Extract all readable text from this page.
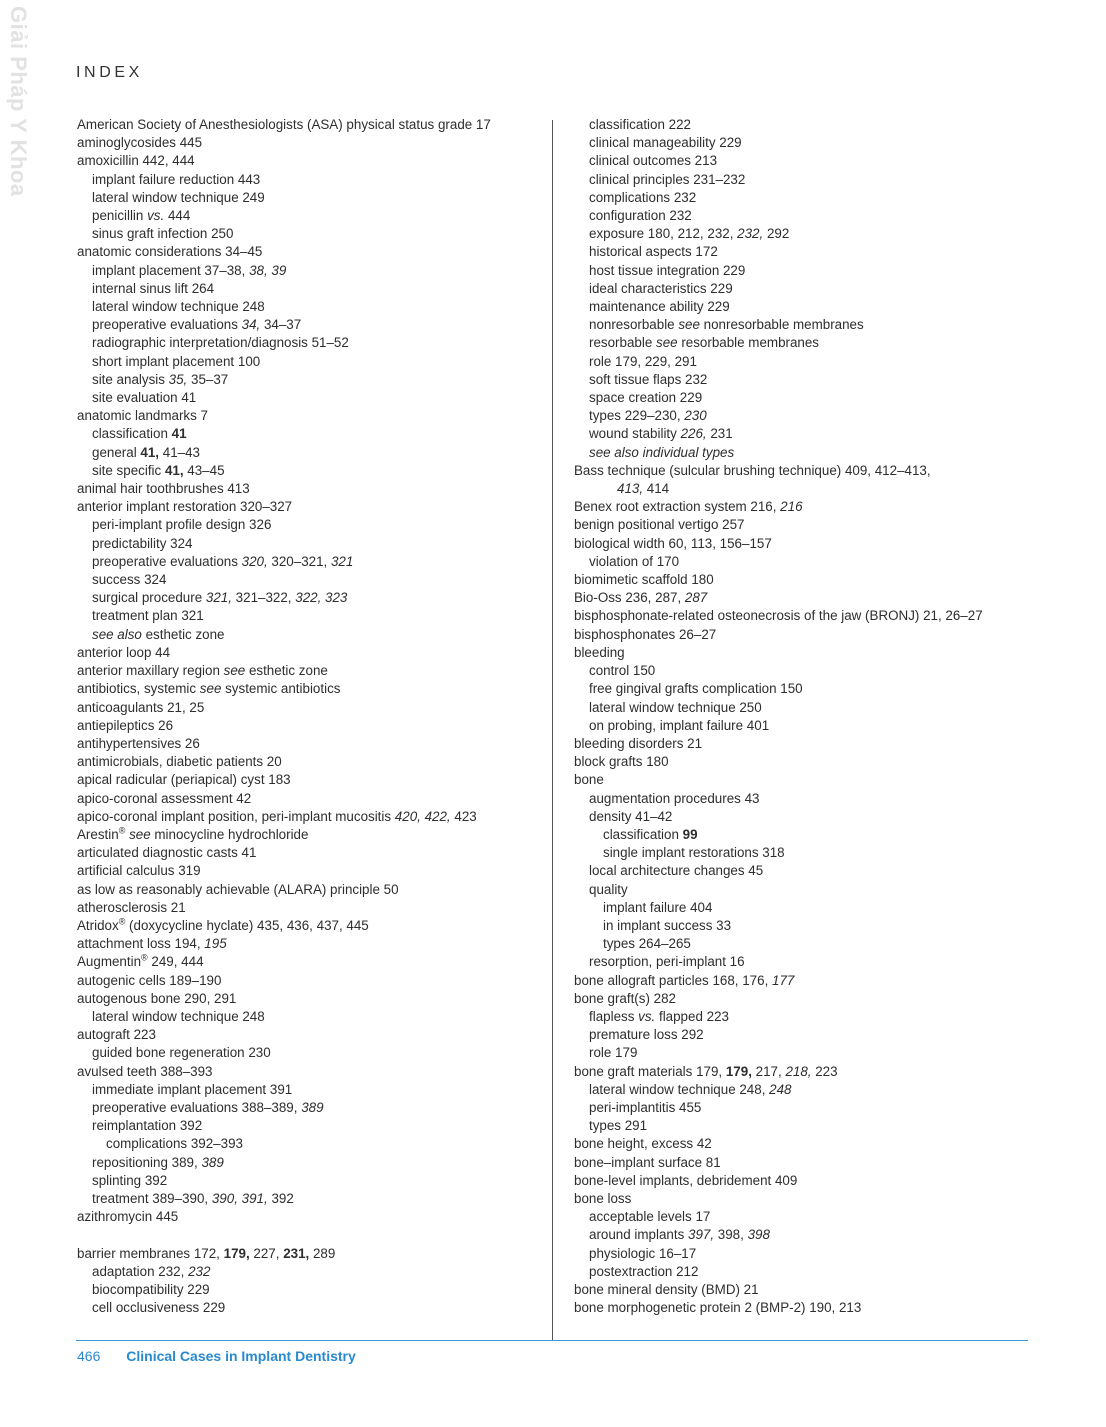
Giải Pháp Y Khoa	INDEX
American Society of Anesthesiologists (ASA) physical status grade 17
aminoglycosides 445
amoxicillin 442, 444
implant failure reduction 443
lateral window technique 249
penicillin vs. 444
sinus graft infection 250
anatomic considerations 34–45
implant placement 37–38, 38, 39
internal sinus lift 264
lateral window technique 248
preoperative evaluations 34, 34–37
radiographic interpretation/diagnosis 51–52
short implant placement 100
site analysis 35, 35–37
site evaluation 41
anatomic landmarks 7
classification 41
general 41, 41–43
site specific 41, 43–45
animal hair toothbrushes 413
anterior implant restoration 320–327
peri-implant profile design 326
predictability 324
preoperative evaluations 320, 320–321, 321
success 324
surgical procedure 321, 321–322, 322, 323
treatment plan 321
see also esthetic zone
anterior loop 44
anterior maxillary region see esthetic zone
antibiotics, systemic see systemic antibiotics
anticoagulants 21, 25
antiepileptics 26
antihypertensives 26
antimicrobials, diabetic patients 20
apical radicular (periapical) cyst 183
apico-coronal assessment 42
apico-coronal implant position, peri-implant mucositis 420, 422, 423
Arestin® see minocycline hydrochloride
articulated diagnostic casts 41
artificial calculus 319
as low as reasonably achievable (ALARA) principle 50
atherosclerosis 21
Atridox® (doxycycline hyclate) 435, 436, 437, 445
attachment loss 194, 195
Augmentin® 249, 444
autogenic cells 189–190
autogenous bone 290, 291
lateral window technique 248
autograft 223
guided bone regeneration 230
avulsed teeth 388–393
immediate implant placement 391
preoperative evaluations 388–389, 389
reimplantation 392
complications 392–393
repositioning 389, 389
splinting 392
treatment 389–390, 390, 391, 392
azithromycin 445
barrier membranes 172, 179, 227, 231, 289
adaptation 232, 232
biocompatibility 229
cell occlusiveness 229
classification 222
clinical manageability 229
clinical outcomes 213
clinical principles 231–232
complications 232
configuration 232
exposure 180, 212, 232, 232, 292
historical aspects 172
host tissue integration 229
ideal characteristics 229
maintenance ability 229
nonresorbable see nonresorbable membranes
resorbable see resorbable membranes
role 179, 229, 291
soft tissue flaps 232
space creation 229
types 229–230, 230
wound stability 226, 231
see also individual types
Bass technique (sulcular brushing technique) 409, 412–413,
413, 414
Benex root extraction system 216, 216
benign positional vertigo 257
biological width 60, 113, 156–157
violation of 170
biomimetic scaffold 180
Bio-Oss 236, 287, 287
bisphosphonate-related osteonecrosis of the jaw (BRONJ) 21, 26–27
bisphosphonates 26–27
bleeding
control 150
free gingival grafts complication 150
lateral window technique 250
on probing, implant failure 401
bleeding disorders 21
block grafts 180
bone
augmentation procedures 43
density 41–42
classification 99
single implant restorations 318
local architecture changes 45
quality
implant failure 404
in implant success 33
types 264–265
resorption, peri-implant 16
bone allograft particles 168, 176, 177
bone graft(s) 282
flapless vs. flapped 223
premature loss 292
role 179
bone graft materials 179, 179, 217, 218, 223
lateral window technique 248, 248
peri-implantitis 455
types 291
bone height, excess 42
bone–implant surface 81
bone-level implants, debridement 409
bone loss
acceptable levels 17
around implants 397, 398, 398
physiologic 16–17
postextraction 212
bone mineral density (BMD) 21
bone morphogenetic protein 2 (BMP-2) 190, 213
466 Clinical Cases in Implant Dentistry
